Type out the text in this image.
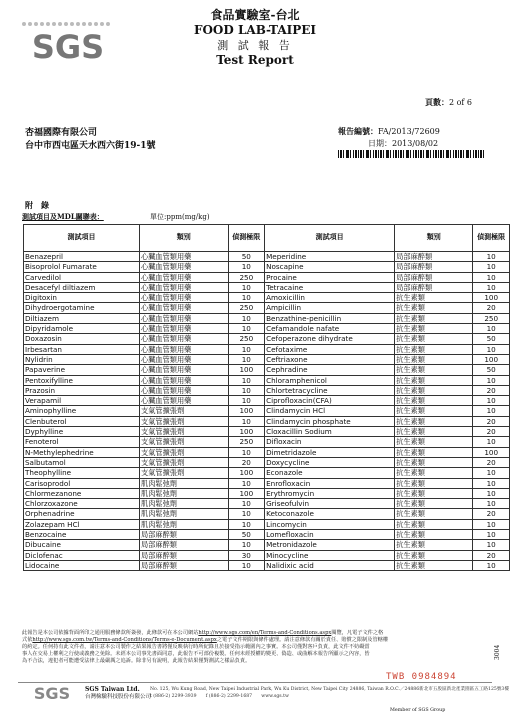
SGS
食品實驗室-台北
FOOD LAB-TAIPEI
測 試 報 告
Test Report
頁數：2 of 6
杏福國際有限公司
台中市西屯區天水西六街19-1號
報告編號：FA/2013/72609
日期：2013/08/02
附　錄
測試項目及MDL關聯表：	單位:ppm(mg/kg)
測試項目	類別	偵測極限	測試項目	類別	偵測極限
Benazepril	心臟血管類用藥	50	Meperidine	局部麻醉類	10
Bisoprolol Fumarate	心臟血管類用藥	10	Noscapine	局部麻醉類	10
Carvedilol	心臟血管類用藥	250	Procaine	局部麻醉類	10
Desacefyl diltiazem	心臟血管類用藥	10	Tetracaine	局部麻醉類	10
Digitoxin	心臟血管類用藥	10	Amoxicillin	抗生素類	100
Dihydroergotamine	心臟血管類用藥	250	Ampicillin	抗生素類	20
Diltiazem	心臟血管類用藥	10	Benzathine-penicillin	抗生素類	250
Dipyridamole	心臟血管類用藥	10	Cefamandole nafate	抗生素類	10
Doxazosin	心臟血管類用藥	250	Cefoperazone dihydrate	抗生素類	50
Irbesartan	心臟血管類用藥	10	Cefotaxime	抗生素類	10
Nylidrin	心臟血管類用藥	10	Ceftriaxone	抗生素類	100
Papaverine	心臟血管類用藥	100	Cephradine	抗生素類	50
Pentoxifylline	心臟血管類用藥	10	Chloramphenicol	抗生素類	10
Prazosin	心臟血管類用藥	10	Chlortetracycline	抗生素類	20
Verapamil	心臟血管類用藥	10	Ciprofloxacin(CFA)	抗生素類	10
Aminophylline	支氣管擴張劑	100	Clindamycin HCl	抗生素類	10
Clenbuterol	支氣管擴張劑	10	Clindamycin phosphate	抗生素類	20
Dyphylline	支氣管擴張劑	100	Cloxacillin Sodium	抗生素類	20
Fenoterol	支氣管擴張劑	250	Difloxacin	抗生素類	10
N-Methylephedrine	支氣管擴張劑	10	Dimetridazole	抗生素類	100
Salbutamol	支氣管擴張劑	20	Doxycycline	抗生素類	20
Theophylline	支氣管擴張劑	100	Econazole	抗生素類	10
Carisoprodol	肌肉鬆弛劑	10	Enrofloxacin	抗生素類	10
Chlormezanone	肌肉鬆弛劑	100	Erythromycin	抗生素類	10
Chlorzoxazone	肌肉鬆弛劑	10	Griseofulvin	抗生素類	10
Orphenadrine	肌肉鬆弛劑	10	Ketoconazole	抗生素類	20
Zolazepam HCl	肌肉鬆弛劑	10	Lincomycin	抗生素類	10
Benzocaine	局部麻醉類	50	Lomefloxacin	抗生素類	10
Dibucaine	局部麻醉類	10	Metronidazole	抗生素類	10
Diclofenac	局部麻醉類	30	Minocycline	抗生素類	20
Lidocaine	局部麻醉類	10	Nalidixic acid	抗生素類	10
此報告是本公司依據背面所印之通用服務條款所簽發，此條款可在本公司網站http://www.sgs.com/en/Terms-and-Conditions.aspx閱覽，凡電子文件之格
式依http://www.sgs.com.tw/Terms-and-Conditions/Terms-e-Document.aspx之電子文件期限與條件處理。請注意條款有關於責任、賠償之限制及管轄權
的約定。任何持有此文件者，請注意本公司製作之結果報告書將僅反映執行時所紀錄且於接受指示範圍內之事實。本公司僅對客戶負責，此文件不妨礙當
事人在交易上權利之行使或義務之免除。未經本公司事先書面同意，此報告不可部份複製。任何未經授權的變更、偽造、或曲解本報告所顯示之內容，皆
為不合法，違犯者可能遭受法律上最嚴厲之追訴。除非另有說明，此報告結果僅對測試之樣品負責。
SGS SGS Taiwan Ltd.
台灣檢驗科技股份有限公司
No. 125, Wu Kung Road, New Taipei Industrial Park, Wu Ku District, New Taipei City 24886, Taiwan R.O.C.／24886新北市五股區新北產業園區五工路125號3樓
t (886-2) 2299-3939　　f (886-2) 2299-1687　　www.sgs.tw
TWB 0984894
Member of SGS Group
3004
